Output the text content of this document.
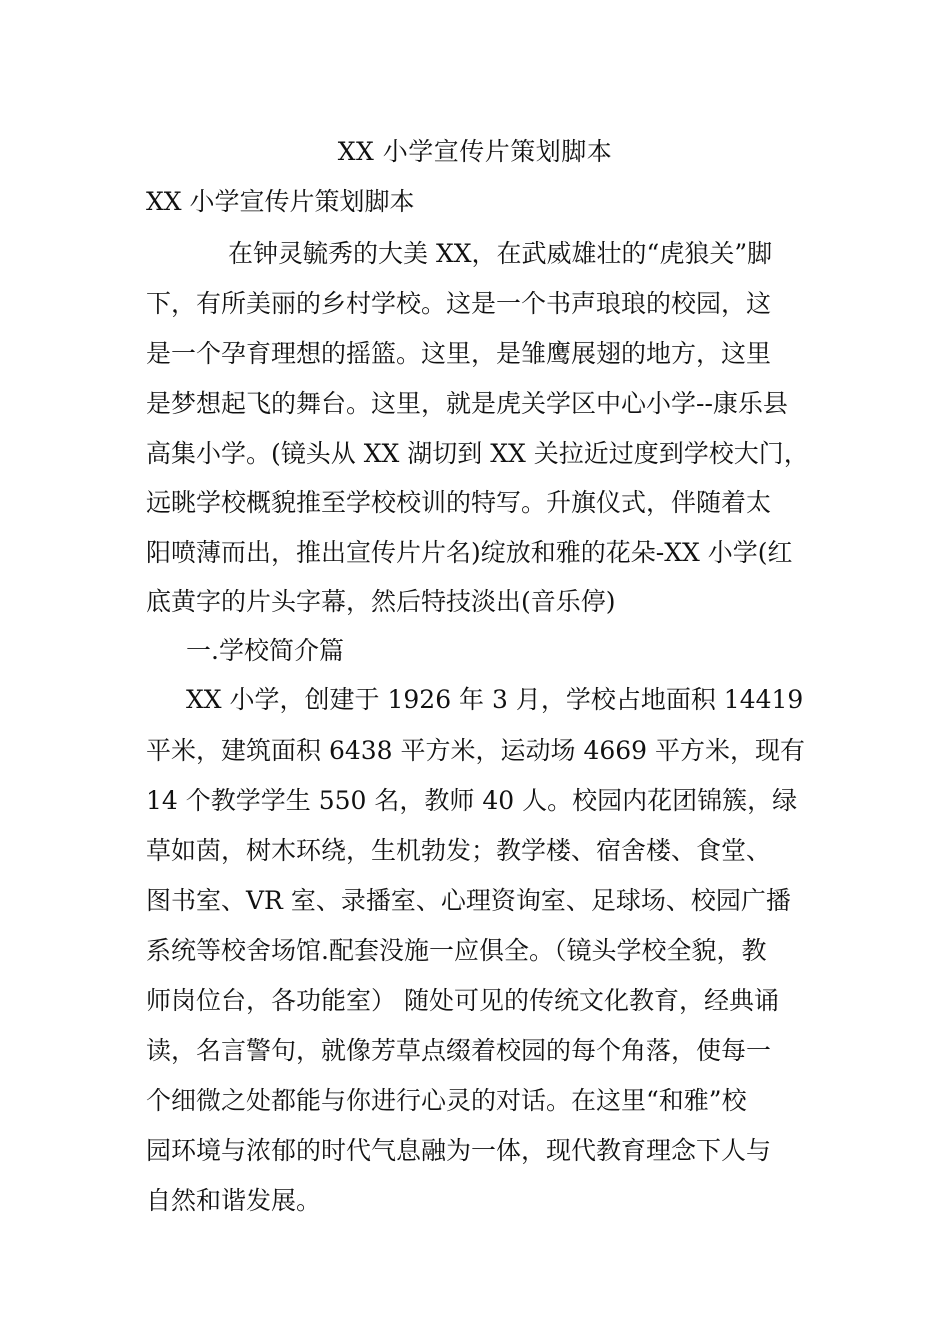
XX 小学宣传片策划脚本
XX 小学宣传片策划脚本
在钟灵毓秀的大美 XX，在武威雄壮的“虎狼关”脚
下，有所美丽的乡村学校。这是一个书声琅琅的校园，这
是一个孕育理想的摇篮。这里，是雏鹰展翅的地方，这里
是梦想起飞的舞台。这里，就是虎关学区中心小学--康乐县
高集小学。(镜头从 XX 湖切到 XX 关拉近过度到学校大门，
远眺学校概貌推至学校校训的特写。升旗仪式，伴随着太
阳喷薄而出，推出宣传片片名)绽放和雅的花朵-XX 小学(红
底黄字的片头字幕，然后特技淡出(音乐停)
一.学校简介篇
XX 小学，创建于 1926 年 3 月，学校占地面积 14419
平米，建筑面积 6438 平方米，运动场 4669 平方米，现有
14 个教学学生 550 名，教师 40 人。校园内花团锦簇，绿
草如茵，树木环绕，生机勃发；教学楼、宿舍楼、食堂、
图书室、VR 室、录播室、心理资询室、足球场、校园广播
系统等校舍场馆.配套没施一应俱全。（镜头学校全貌，教
师岗位台，各功能室） 随处可见的传统文化教育，经典诵
读，名言警句，就像芳草点缀着校园的每个角落，使每一
个细微之处都能与你进行心灵的对话。在这里“和雅”校
园环境与浓郁的时代气息融为一体，现代教育理念下人与
自然和谐发展。
